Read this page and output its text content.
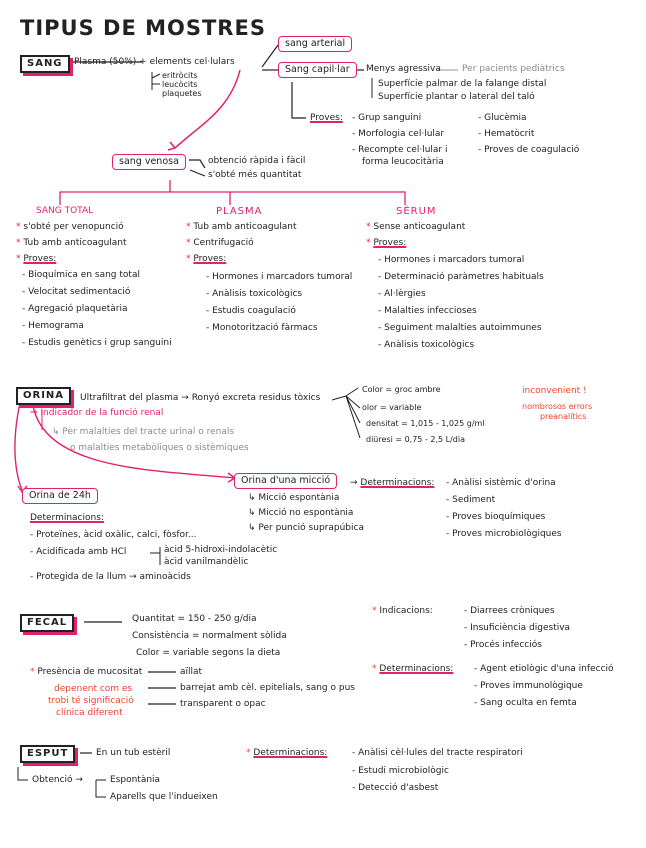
TIPUS DE MOSTRES
SANG	Plasma (50%) + elements cel·lulars
eritròcits
leucòcits
plaquetes
sang arterial
Sang capil·lar	Menys agressiva Per pacients pediàtrics
Superfície palmar de la falange distal
Superfície plantar o lateral del taló
Proves: - Grup sanguini
- Morfologia cel·lular
- Recompte cel·lular i
forma leucocitària
- Glucèmia
- Hematòcrit
- Proves de coagulació
sang venosa	obtenció ràpida i fàcil
s'obté més quantitat
SANG TOTAL
* s'obté per venopunció
* Tub amb anticoagulant
* Proves:
- Bioquímica en sang total
- Velocitat sedimentació
- Agregació plaquetària
- Hemograma
- Estudis genètics i grup sanguini
PLASMA
* Tub amb anticoagulant
* Centrifugació
* Proves:
- Hormones i marcadors tumoral
- Anàlisis toxicològics
- Estudis coagulació
- Monotorització fàrmacs
SÈRUM
* Sense anticoagulant
* Proves:
- Hormones i marcadors tumoral
- Determinació paràmetres habituals
- Al·lèrgies
- Malalties infeccioses
- Seguiment malalties autoimmunes
- Anàlisis toxicològics
ORINA	Ultrafiltrat del plasma → Ronyó excreta residus tòxics
Color = groc ambre
olor = variable
densitat = 1,015 - 1,025 g/ml
diüresi = 0,75 - 2,5 L/dia
inconvenient !
nombrosos errors
preanalítics
⇒ Indicador de la funció renal
↳ Per malalties del tracte urinal o renals
o malalties metabòliques o sistèmiques
Orina de 24h
Determinacions:
- Proteïnes, àcid oxàlic, calci, fòsfor...
- Acidificada amb HCl	àcid 5-hidroxi-indolacètic
àcid vanilmandèlic
- Protegida de la llum → aminoàcids
Orina d'una micció
↳ Micció espontània
↳ Micció no espontània
↳ Per punció suprapúbica
→ Determinacions: - Anàlisi sistèmic d'orina
- Sediment
- Proves bioquímiques
- Proves microbiològiques
FECAL	Quantitat = 150 - 250 g/dia
Consistència = normalment sòlida
Color = variable segons la dieta
* Presència de mucositat	aïllat
barrejat amb cèl. epitelials, sang o pus
transparent o opac
depenent com es
trobi té significació
clínica diferent
* Indicacions:	- Diarrees cròniques
- Insuficiència digestiva
- Procés infecciós
* Determinacions: - Agent etiològic d'una infecció
- Proves immunològique
- Sang oculta en femta
ESPUT	En un tub estèril
Obtenció →	Espontània
Aparells que l'indueixen
* Determinacions:	- Anàlisi cèl·lules del tracte respiratori
- Estudi microbiològic
- Detecció d'asbest
